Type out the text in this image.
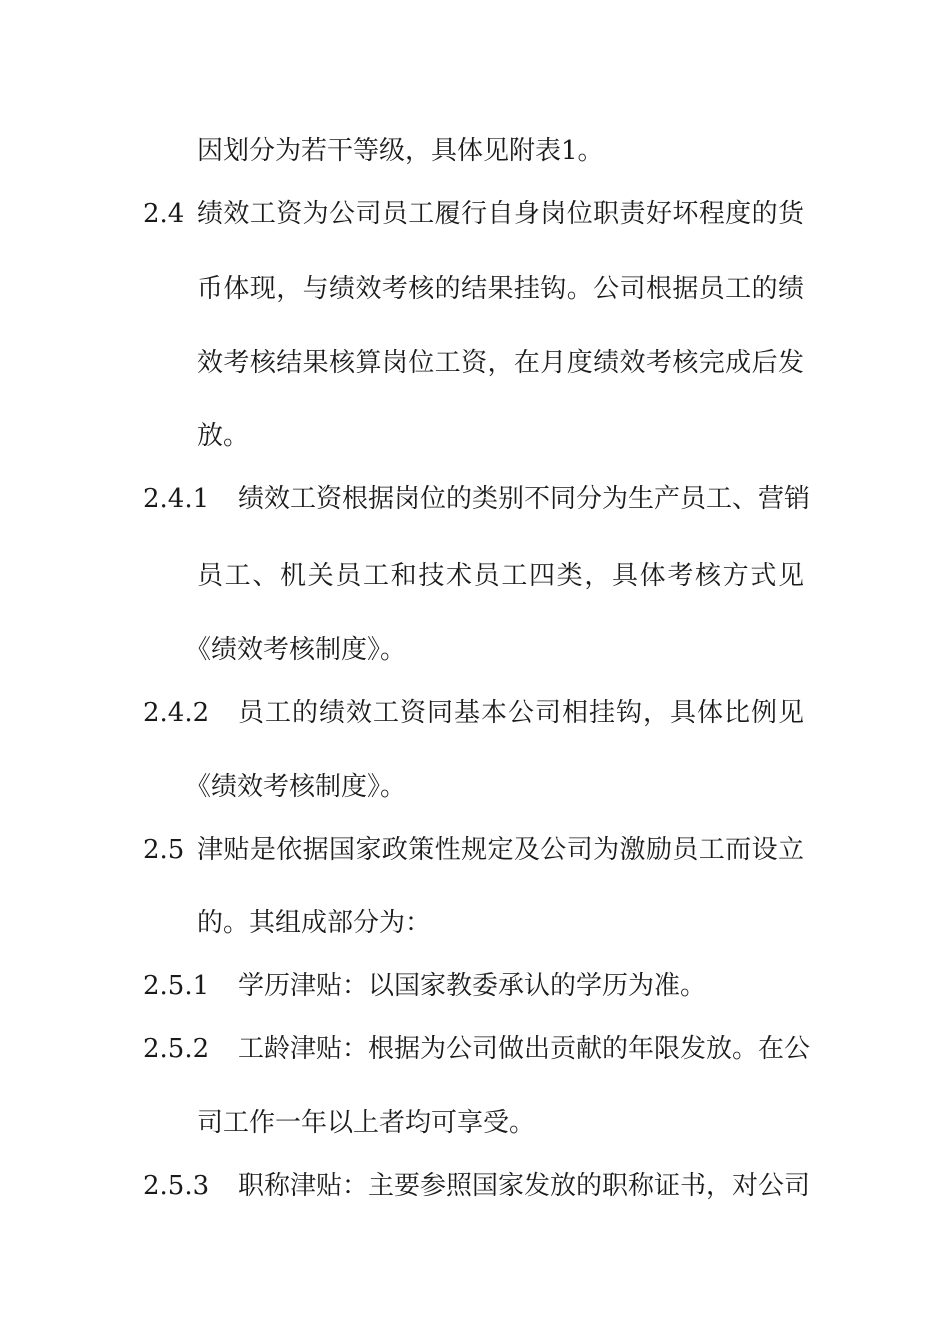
因划分为若干等级，具体见附表1。
2.4 绩效工资为公司员工履行自身岗位职责好坏程度的货
币体现，与绩效考核的结果挂钩。公司根据员工的绩
效考核结果核算岗位工资，在月度绩效考核完成后发
放。
2.4.1 绩效工资根据岗位的类别不同分为生产员工、营销
员工、机关员工和技术员工四类，具体考核方式见
《绩效考核制度》。
2.4.2 员工的绩效工资同基本公司相挂钩，具体比例见
《绩效考核制度》。
2.5 津贴是依据国家政策性规定及公司为激励员工而设立
的。其组成部分为：
2.5.1 学历津贴：以国家教委承认的学历为准。
2.5.2 工龄津贴：根据为公司做出贡献的年限发放。在公
司工作一年以上者均可享受。
2.5.3 职称津贴：主要参照国家发放的职称证书，对公司
